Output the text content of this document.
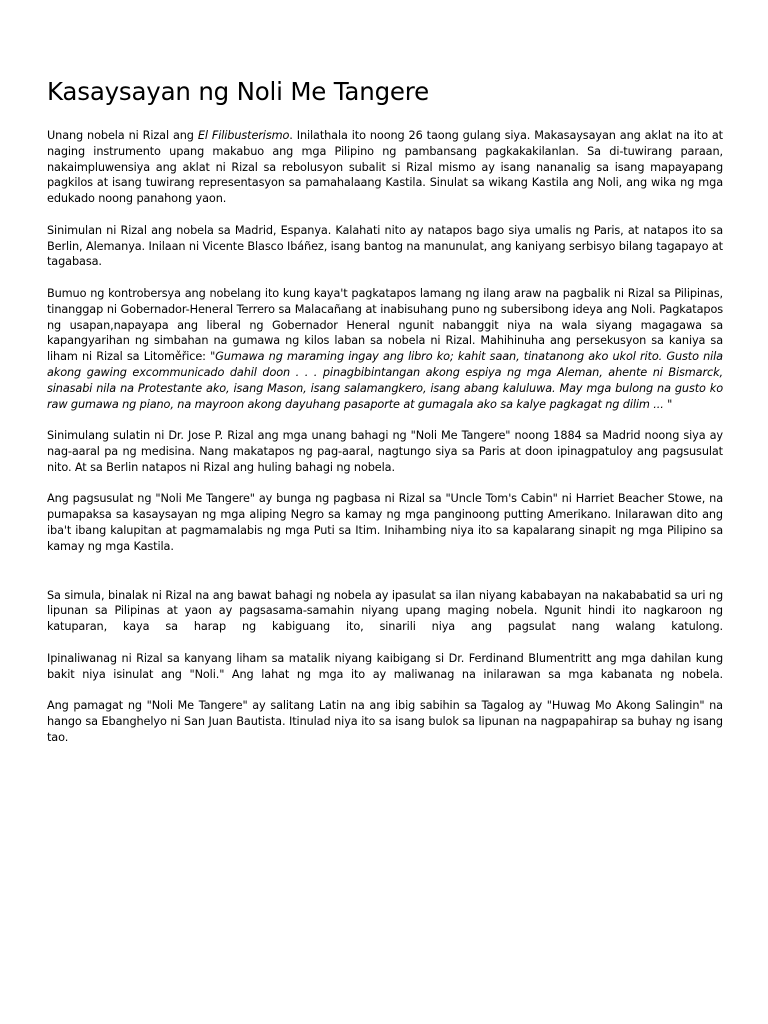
Kasaysayan ng Noli Me Tangere

Unang nobela ni Rizal ang El Filibusterismo. Inilathala ito noong 26 taong gulang siya. Makasaysayan ang aklat na ito at naging instrumento upang makabuo ang mga Pilipino ng pambansang pagkakakilanlan. Sa di-tuwirang paraan, nakaimpluwensiya ang aklat ni Rizal sa rebolusyon subalit si Rizal mismo ay isang nananalig sa isang mapayapang pagkilos at isang tuwirang representasyon sa pamahalaang Kastila. Sinulat sa wikang Kastila ang Noli, ang wika ng mga edukado noong panahong yaon.

Sinimulan ni Rizal ang nobela sa Madrid, Espanya. Kalahati nito ay natapos bago siya umalis ng Paris, at natapos ito sa Berlin, Alemanya. Inilaan ni Vicente Blasco Ibáñez, isang bantog na manunulat, ang kaniyang serbisyo bilang tagapayo at tagabasa.

Bumuo ng kontrobersya ang nobelang ito kung kaya't pagkatapos lamang ng ilang araw na pagbalik ni Rizal sa Pilipinas, tinanggap ni Gobernador-Heneral Terrero sa Malacañang at inabisuhang puno ng subersibong ideya ang Noli. Pagkatapos ng usapan,napayapa ang liberal ng Gobernador Heneral ngunit nabanggit niya na wala siyang magagawa sa kapangyarihan ng simbahan na gumawa ng kilos laban sa nobela ni Rizal. Mahihinuha ang persekusyon sa kaniya sa liham ni Rizal sa Litoměřice: "Gumawa ng maraming ingay ang libro ko; kahit saan, tinatanong ako ukol rito. Gusto nila akong gawing excommunicado dahil doon . . . pinagbibintangan akong espiya ng mga Aleman, ahente ni Bismarck, sinasabi nila na Protestante ako, isang Mason, isang salamangkero, isang abang kaluluwa. May mga bulong na gusto ko raw gumawa ng piano, na mayroon akong dayuhang pasaporte at gumagala ako sa kalye pagkagat ng dilim ... "

Sinimulang sulatin ni Dr. Jose P. Rizal ang mga unang bahagi ng "Noli Me Tangere" noong 1884 sa Madrid noong siya ay nag-aaral pa ng medisina. Nang makatapos ng pag-aaral, nagtungo siya sa Paris at doon ipinagpatuloy ang pagsusulat nito. At sa Berlin natapos ni Rizal ang huling bahagi ng nobela.

Ang pagsusulat ng "Noli Me Tangere" ay bunga ng pagbasa ni Rizal sa "Uncle Tom's Cabin" ni Harriet Beacher Stowe, na pumapaksa sa kasaysayan ng mga aliping Negro sa kamay ng mga panginoong putting Amerikano. Inilarawan dito ang iba't ibang kalupitan at pagmamalabis ng mga Puti sa Itim. Inihambing niya ito sa kapalarang sinapit ng mga Pilipino sa kamay ng mga Kastila.

Sa simula, binalak ni Rizal na ang bawat bahagi ng nobela ay ipasulat sa ilan niyang kababayan na nakababatid sa uri ng lipunan sa Pilipinas at yaon ay pagsasama-samahin niyang upang maging nobela. Ngunit hindi ito nagkaroon ng katuparan, kaya sa harap ng kabiguang ito, sinarili niya ang pagsulat nang walang katulong.

Ipinaliwanag ni Rizal sa kanyang liham sa matalik niyang kaibigang si Dr. Ferdinand Blumentritt ang mga dahilan kung bakit niya isinulat ang "Noli." Ang lahat ng mga ito ay maliwanag na inilarawan sa mga kabanata ng nobela.

Ang pamagat ng "Noli Me Tangere" ay salitang Latin na ang ibig sabihin sa Tagalog ay "Huwag Mo Akong Salingin" na hango sa Ebanghelyo ni San Juan Bautista. Itinulad niya ito sa isang bulok sa lipunan na nagpapahirap sa buhay ng isang tao.
